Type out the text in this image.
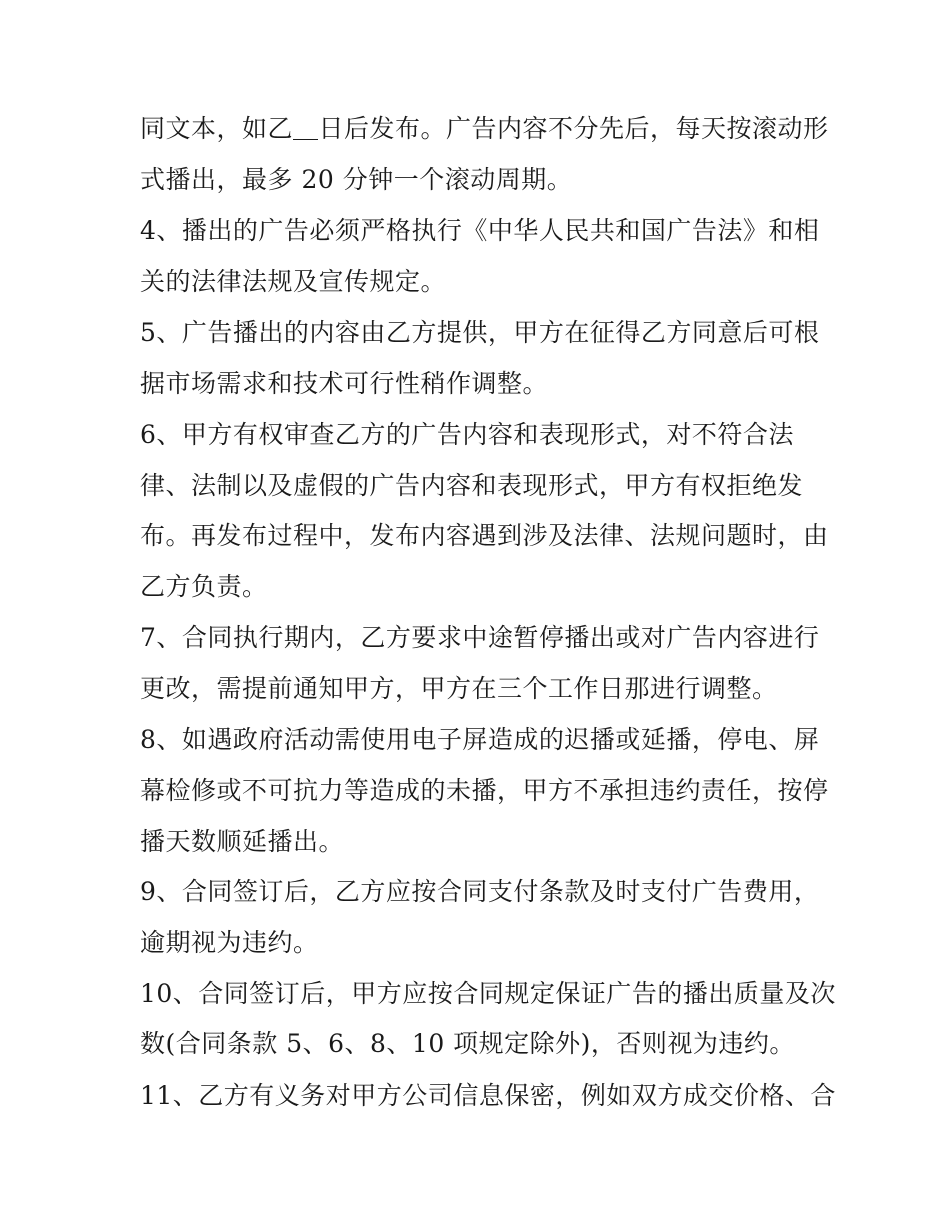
同文本，如乙＿日后发布。广告内容不分先后，每天按滚动形
式播出，最多 20 分钟一个滚动周期。
4、播出的广告必须严格执行《中华人民共和国广告法》和相
关的法律法规及宣传规定。
5、广告播出的内容由乙方提供，甲方在征得乙方同意后可根
据市场需求和技术可行性稍作调整。
6、甲方有权审查乙方的广告内容和表现形式，对不符合法
律、法制以及虚假的广告内容和表现形式，甲方有权拒绝发
布。再发布过程中，发布内容遇到涉及法律、法规问题时，由
乙方负责。
7、合同执行期内，乙方要求中途暂停播出或对广告内容进行
更改，需提前通知甲方，甲方在三个工作日那进行调整。
8、如遇政府活动需使用电子屏造成的迟播或延播，停电、屏
幕检修或不可抗力等造成的未播，甲方不承担违约责任，按停
播天数顺延播出。
9、合同签订后，乙方应按合同支付条款及时支付广告费用，
逾期视为违约。
10、合同签订后，甲方应按合同规定保证广告的播出质量及次
数(合同条款 5、6、8、10 项规定除外)，否则视为违约。
11、乙方有义务对甲方公司信息保密，例如双方成交价格、合
